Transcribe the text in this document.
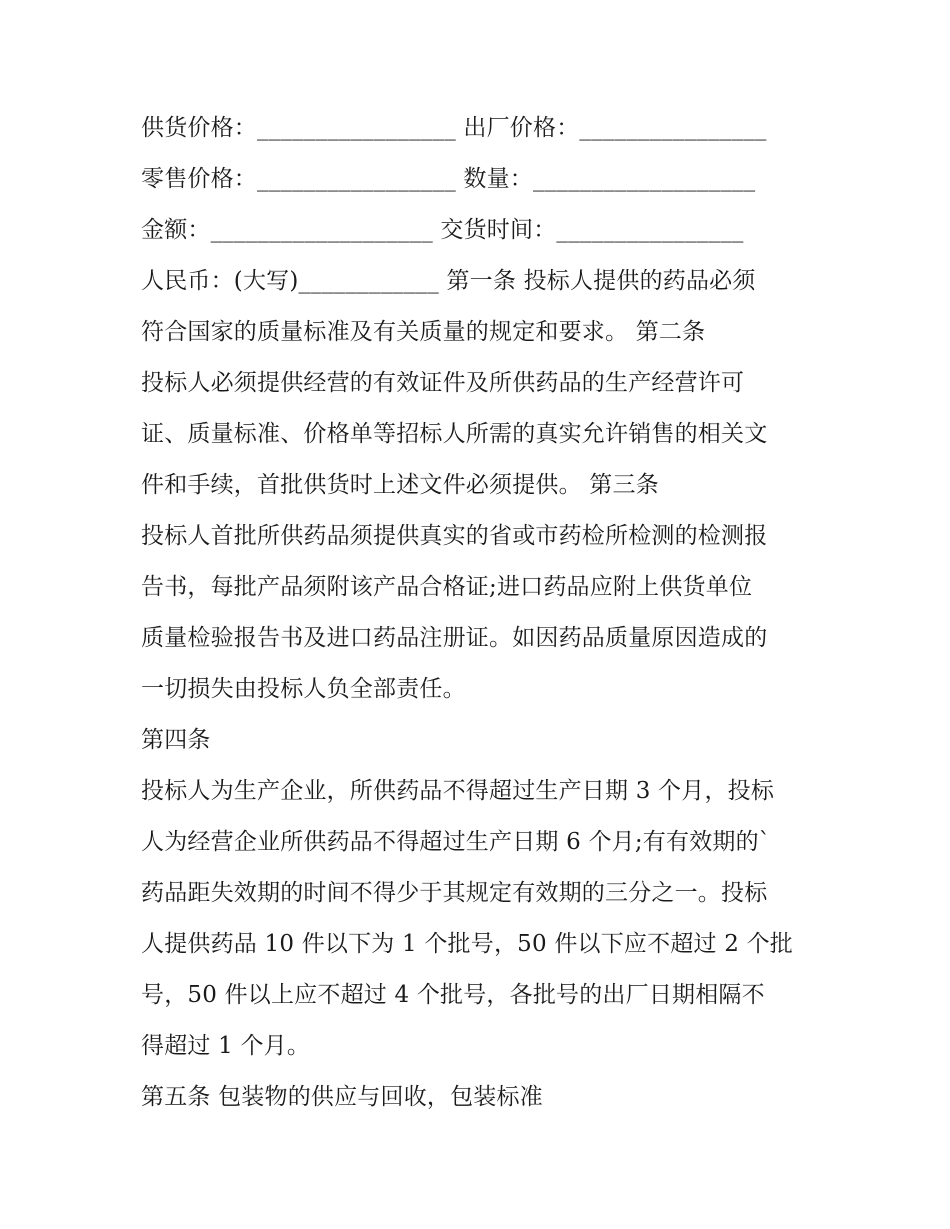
供货价格：_________________ 出厂价格：________________
零售价格：_________________ 数量：___________________
金额：___________________ 交货时间：________________
人民币：(大写)____________ 第一条 投标人提供的药品必须
符合国家的质量标准及有关质量的规定和要求。 第二条
投标人必须提供经营的有效证件及所供药品的生产经营许可
证、质量标准、价格单等招标人所需的真实允许销售的相关文
件和手续，首批供货时上述文件必须提供。 第三条
投标人首批所供药品须提供真实的省或市药检所检测的检测报
告书，每批产品须附该产品合格证;进口药品应附上供货单位
质量检验报告书及进口药品注册证。如因药品质量原因造成的
一切损失由投标人负全部责任。
第四条
投标人为生产企业，所供药品不得超过生产日期 3 个月，投标
人为经营企业所供药品不得超过生产日期 6 个月;有有效期的`
药品距失效期的时间不得少于其规定有效期的三分之一。投标
人提供药品 10 件以下为 1 个批号，50 件以下应不超过 2 个批
号，50 件以上应不超过 4 个批号，各批号的出厂日期相隔不
得超过 1 个月。
第五条 包装物的供应与回收，包装标准
